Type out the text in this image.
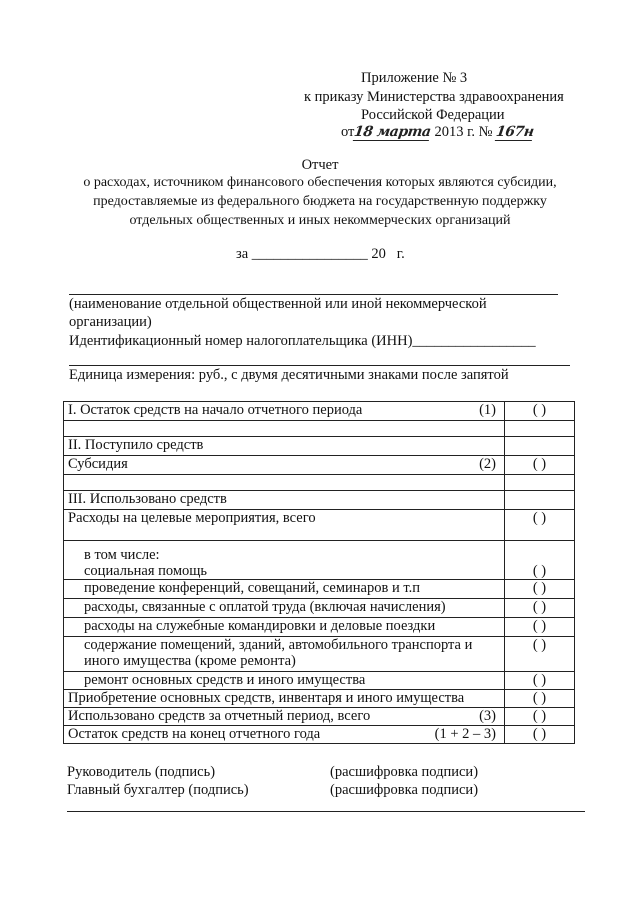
Приложение № 3
к приказу Министерства здравоохранения
Российской Федерации
от18 марта 2013 г. № 167н
Отчет
о расходах, источником финансового обеспечения которых являются субсидии,
предоставляемые из федерального бюджета на государственную поддержку
отдельных общественных и иных некоммерческих организаций
за ________________ 20 г.
(наименование отдельной общественной или иной некоммерческой
организации)
Идентификационный номер налогоплательщика (ИНН)_________________
Единица измерения: руб., с двумя десятичными знаками после запятой
I. Остаток средств на начало отчетного периода (1)	( )

II. Поступило средств	

Субсидия (2)	( )

III. Использовано средств	
Расходы на целевые мероприятия, всего	( )

в том числе:
социальная помощь	( )
проведение конференций, совещаний, семинаров и т.п	( )
расходы, связанные с оплатой труда (включая начисления)	( )
расходы на служебные командировки и деловые поездки	( )

содержание помещений, зданий, автомобильного транспорта и
иного имущества (кроме ремонта)	( )
ремонт основных средств и иного имущества	( )
Приобретение основных средств, инвентаря и иного имущества	( )

Использовано средств за отчетный период, всего (3)	( )

Остаток средств на конец отчетного года (1 + 2 – 3)	( )
Руководитель (подпись)	(расшифровка подписи)
Главный бухгалтер (подпись)	(расшифровка подписи)
